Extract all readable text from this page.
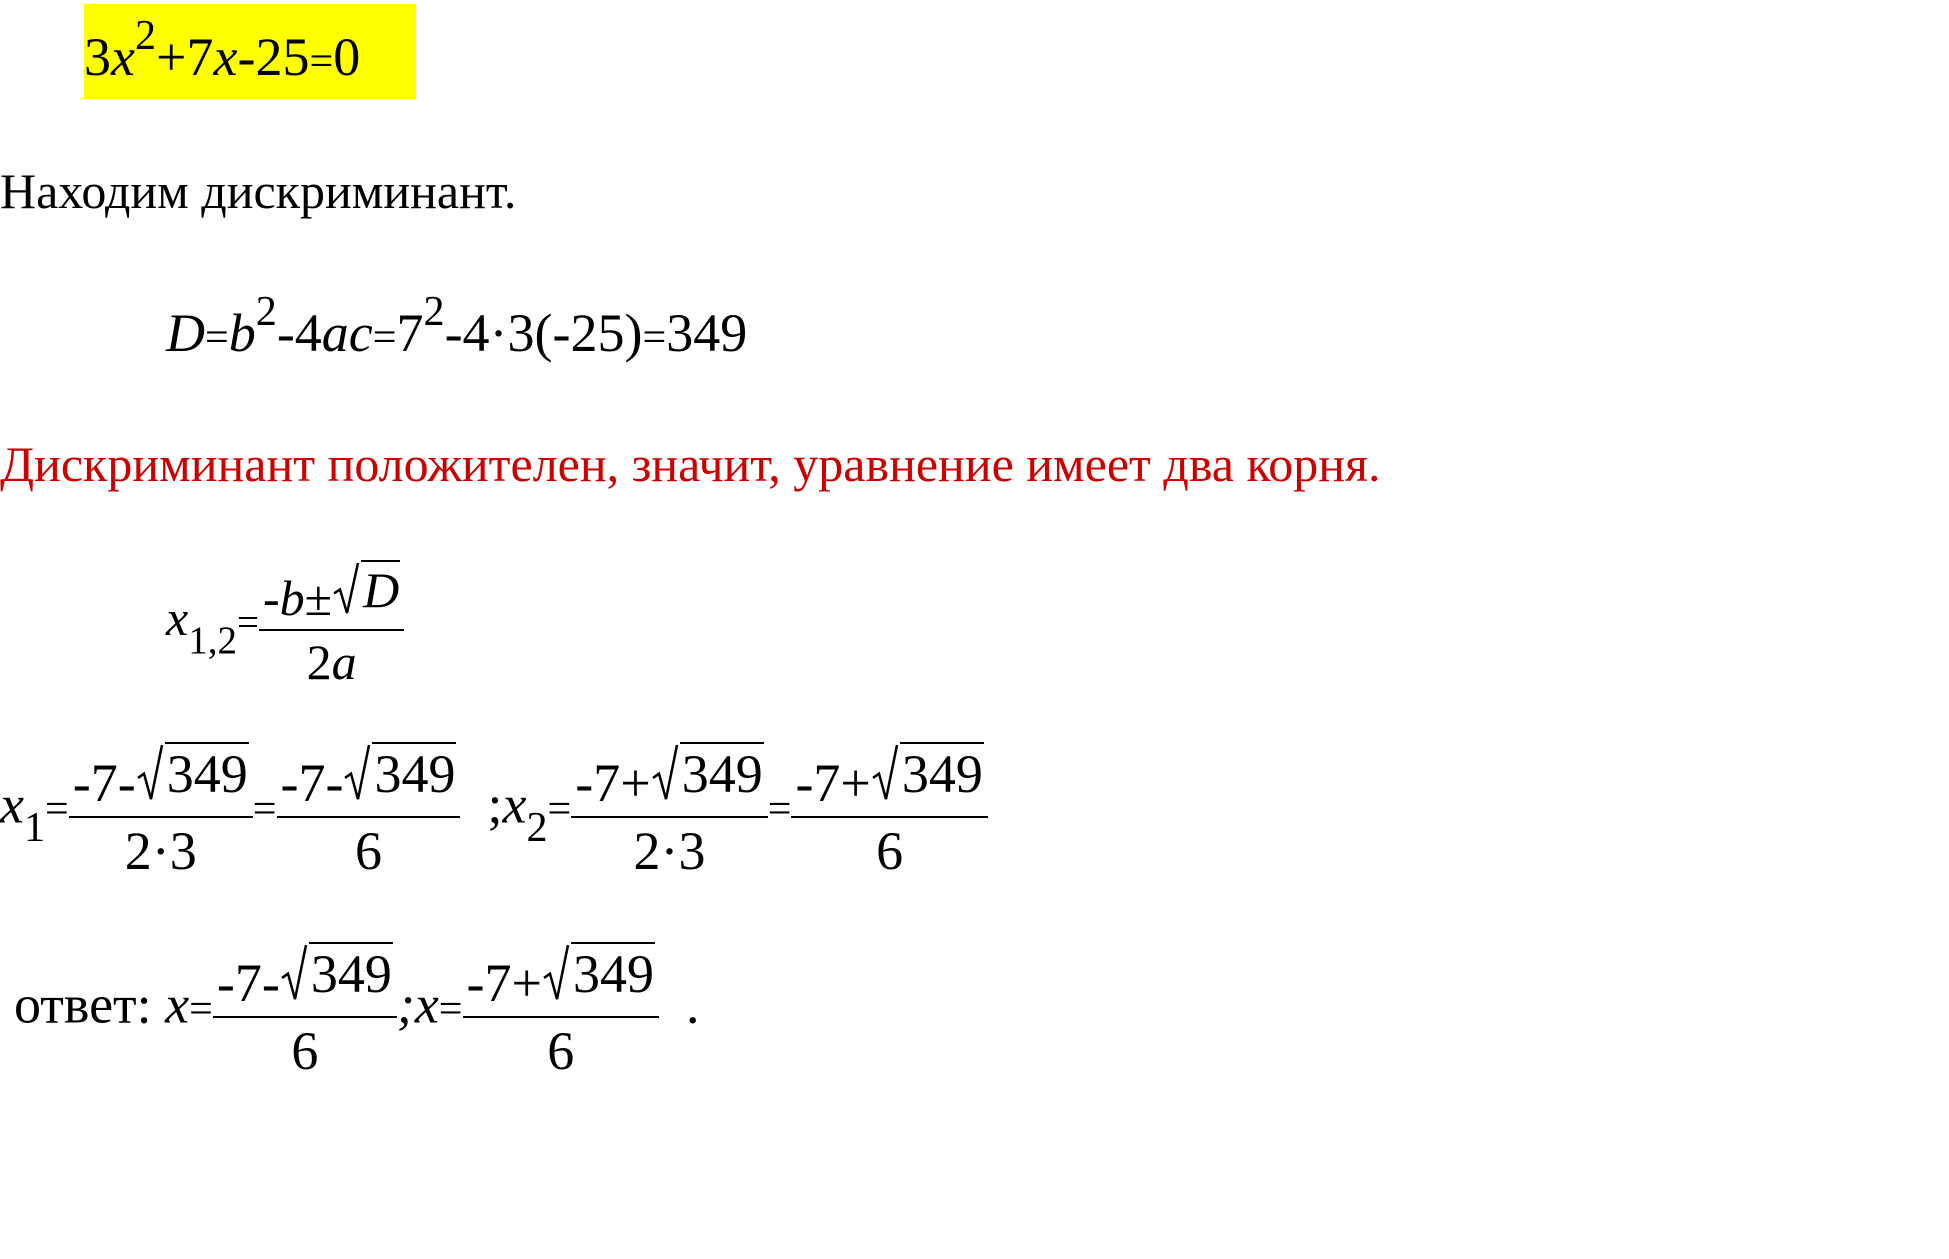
$3x^2+7x-25=0$
Находим дискриминант.
$D=b^2-4ac=7^2-4\cdot 3(-25)=349$
Дискриминант положителен, значит, уравнение имеет два корня.
$x_{1,2}= \frac{-b\pm D}{2a}$
$x_1= \frac{-7- 349}{2\cdot 3} = \frac{-7- 349}{6}$ $;x_2= \frac{-7+ 349}{2\cdot 3} = \frac{-7+ 349}{6}$
ответ: $x= \frac{-7- 349}{6}$ ;x= $\frac{-7+ 349}{6}$ .
